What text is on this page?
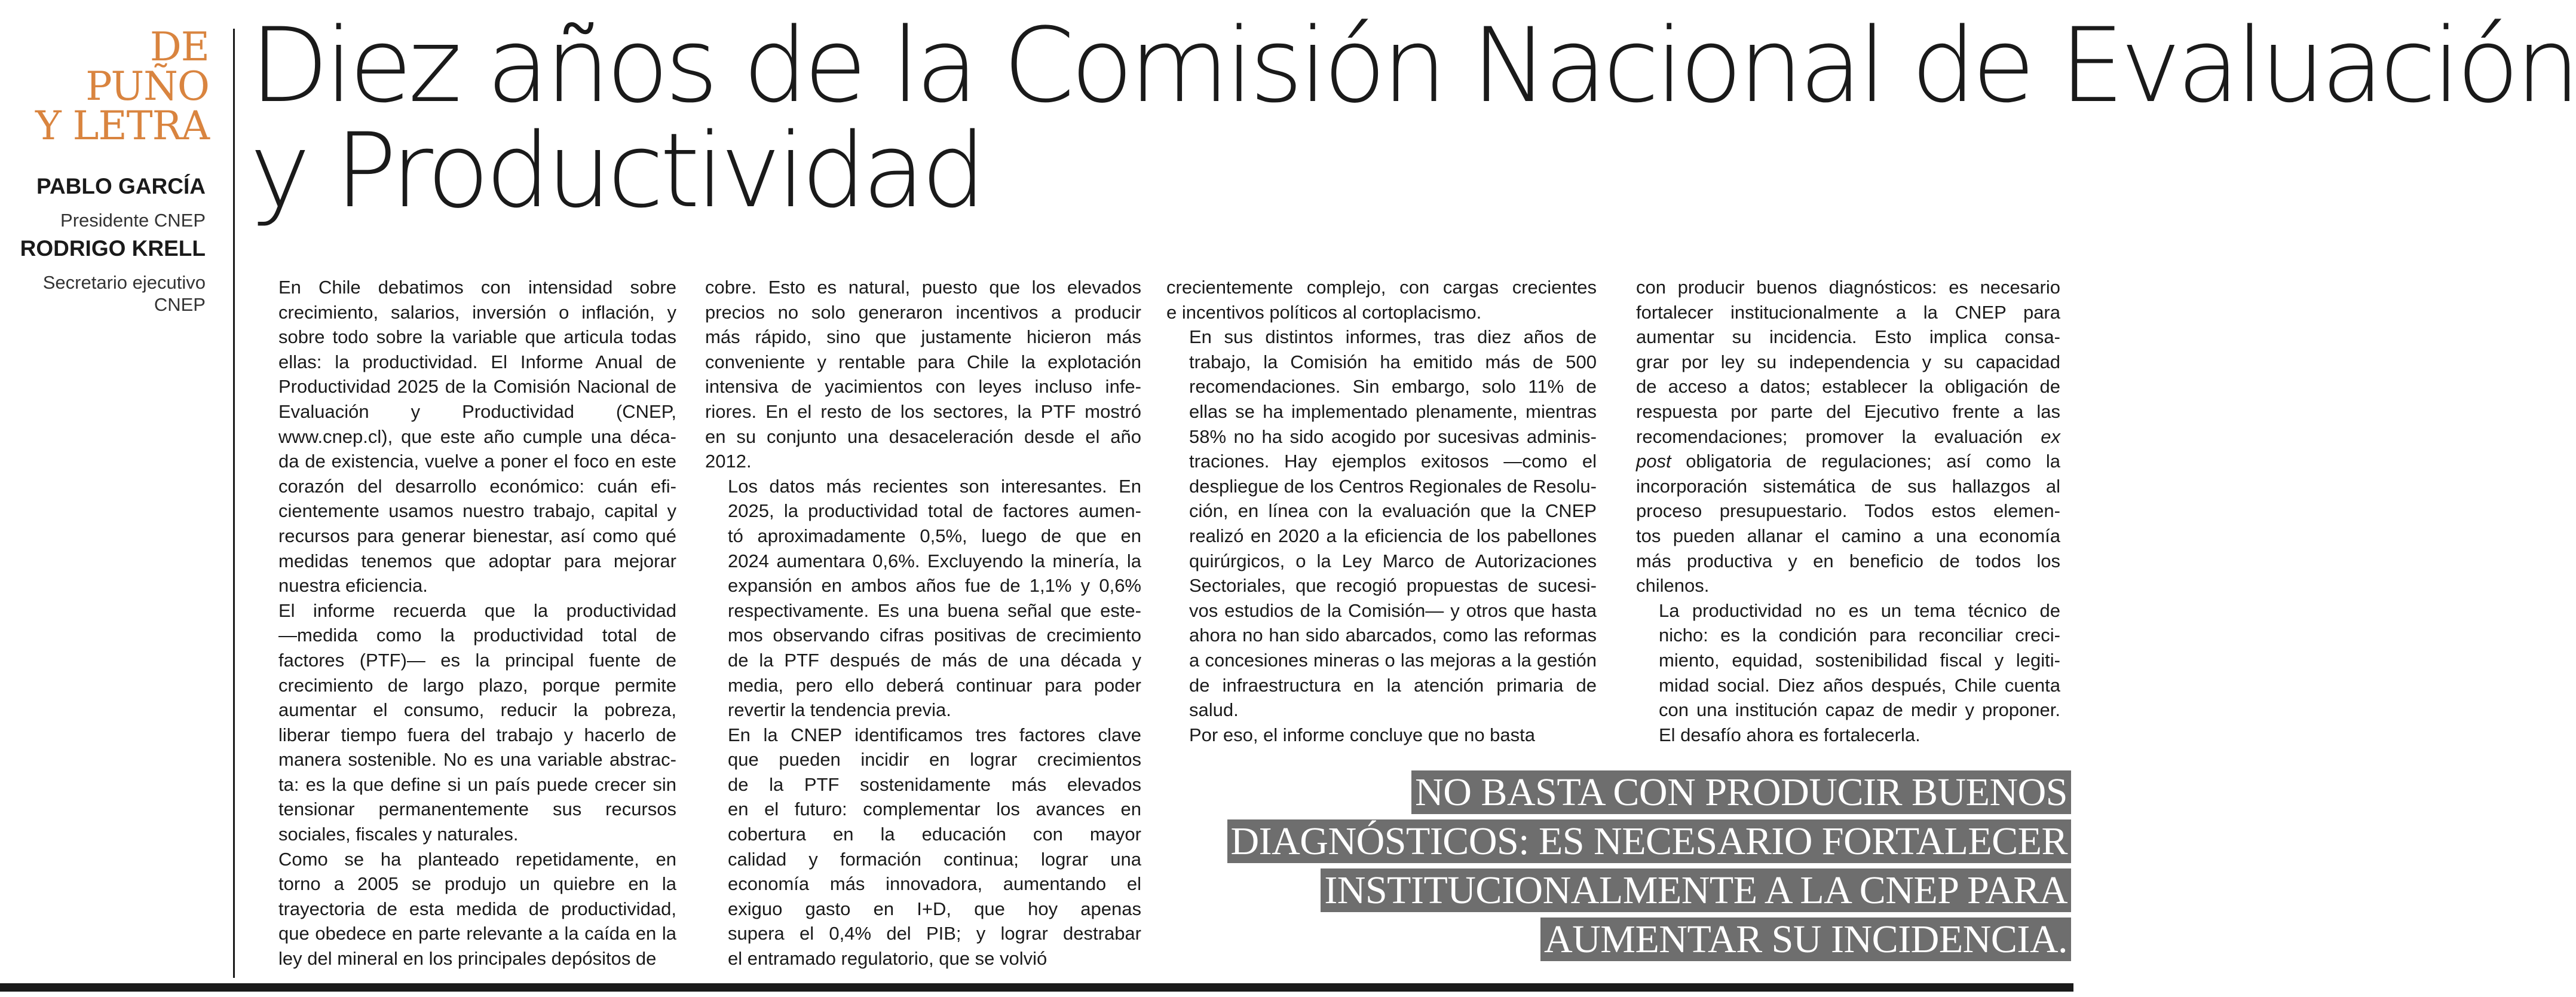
DE
PUÑO
Y LETRA
PABLO GARCÍA
Presidente CNEP
RODRIGO KRELL
Secretario ejecutivo
CNEP
Diez años de la Comisión Nacional de Evaluación
y Productividad

En Chile debatimos con intensidad sobre
crecimiento, salarios, inversión o inflación, y
sobre todo sobre la variable que articula todas
ellas: la productividad. El Informe Anual de
Productividad 2025 de la Comisión Nacional de
Evaluación y Productividad (CNEP,
www.cnep.cl), que este año cumple una déca-
da de existencia, vuelve a poner el foco en este
corazón del desarrollo económico: cuán efi-
cientemente usamos nuestro trabajo, capital y
recursos para generar bienestar, así como qué
medidas tenemos que adoptar para mejorar
nuestra eficiencia.

El informe recuerda que la productividad
—medida como la productividad total de
factores (PTF)— es la principal fuente de
crecimiento de largo plazo, porque permite
aumentar el consumo, reducir la pobreza,
liberar tiempo fuera del trabajo y hacerlo de
manera sostenible. No es una variable abstrac-
ta: es la que define si un país puede crecer sin
tensionar permanentemente sus recursos
sociales, fiscales y naturales.

Como se ha planteado repetidamente, en
torno a 2005 se produjo un quiebre en la
trayectoria de esta medida de productividad,
que obedece en parte relevante a la caída en la
ley del mineral en los principales depósitos de

cobre. Esto es natural, puesto que los elevados
precios no solo generaron incentivos a producir
más rápido, sino que justamente hicieron más
conveniente y rentable para Chile la explotación
intensiva de yacimientos con leyes incluso infe-
riores. En el resto de los sectores, la PTF mostró
en su conjunto una desaceleración desde el año
2012.

Los datos más recientes son interesantes. En
2025, la productividad total de factores aumen-
tó aproximadamente 0,5%, luego de que en
2024 aumentara 0,6%. Excluyendo la minería, la
expansión en ambos años fue de 1,1% y 0,6%
respectivamente. Es una buena señal que este-
mos observando cifras positivas de crecimiento
de la PTF después de más de una década y
media, pero ello deberá continuar para poder
revertir la tendencia previa.

En la CNEP identificamos tres factores clave
que pueden incidir en lograr crecimientos
de la PTF sostenidamente más elevados
en el futuro: complementar los avances en
cobertura en la educación con mayor
calidad y formación continua; lograr una
economía más innovadora, aumentando el
exiguo gasto en I+D, que hoy apenas
supera el 0,4% del PIB; y lograr destrabar
el entramado regulatorio, que se volvió

crecientemente complejo, con cargas crecientes
e incentivos políticos al cortoplacismo.

En sus distintos informes, tras diez años de
trabajo, la Comisión ha emitido más de 500
recomendaciones. Sin embargo, solo 11% de
ellas se ha implementado plenamente, mientras
58% no ha sido acogido por sucesivas adminis-
traciones. Hay ejemplos exitosos —como el
despliegue de los Centros Regionales de Resolu-
ción, en línea con la evaluación que la CNEP
realizó en 2020 a la eficiencia de los pabellones
quirúrgicos, o la Ley Marco de Autorizaciones
Sectoriales, que recogió propuestas de sucesi-
vos estudios de la Comisión— y otros que hasta
ahora no han sido abarcados, como las reformas
a concesiones mineras o las mejoras a la gestión
de infraestructura en la atención primaria de
salud.

Por eso, el informe concluye que no basta

con producir buenos diagnósticos: es necesario
fortalecer institucionalmente a la CNEP para
aumentar su incidencia. Esto implica consa-
grar por ley su independencia y su capacidad
de acceso a datos; establecer la obligación de
respuesta por parte del Ejecutivo frente a las
recomendaciones; promover la evaluación ex
post obligatoria de regulaciones; así como la
incorporación sistemática de sus hallazgos al
proceso presupuestario. Todos estos elemen-
tos pueden allanar el camino a una economía
más productiva y en beneficio de todos los
chilenos.

La productividad no es un tema técnico de
nicho: es la condición para reconciliar creci-
miento, equidad, sostenibilidad fiscal y legiti-
midad social. Diez años después, Chile cuenta
con una institución capaz de medir y proponer.
El desafío ahora es fortalecerla.

NO BASTA CON PRODUCIR BUENOS
DIAGNÓSTICOS: ES NECESARIO FORTALECER
INSTITUCIONALMENTE A LA CNEP PARA
AUMENTAR SU INCIDENCIA.
